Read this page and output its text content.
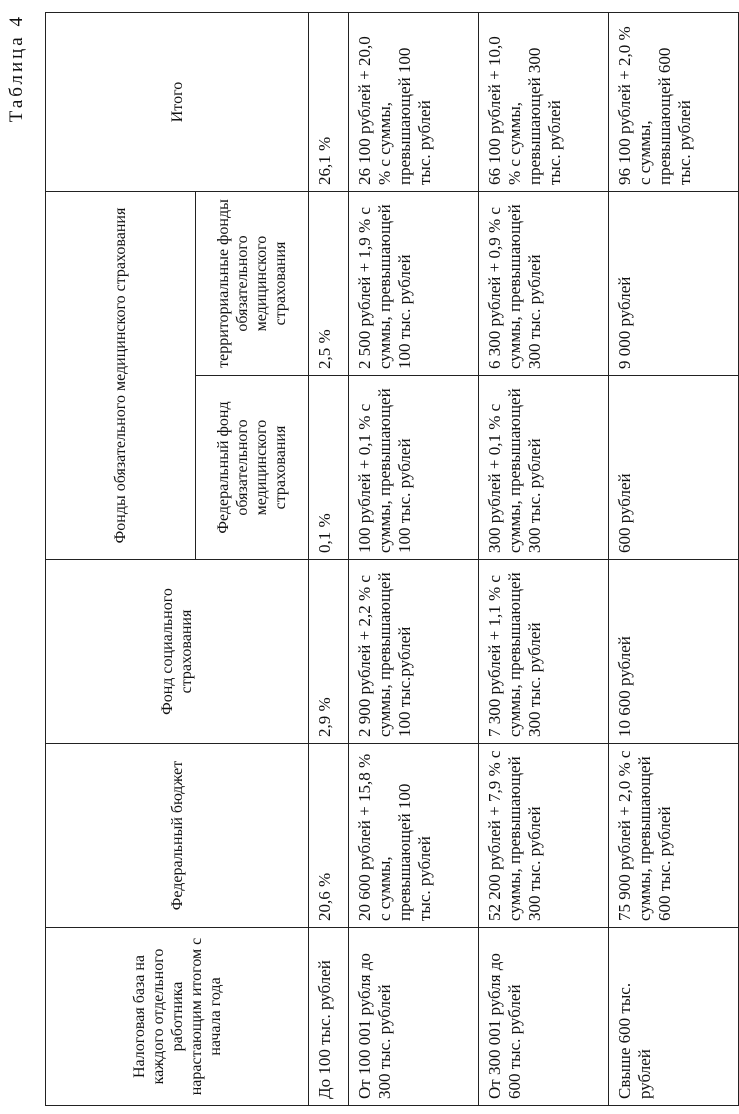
Таблица 4
Налоговая база на каждого отдельного работника нарастающим итогом с начала года	Федеральный бюджет	Фонд социального страхования	Фонды обязательного медицинского страхования		Итого
			Федеральный фонд обязательного медицинского страхования	территориальные фонды обязательного медицинского страхования	
До 100 тыс. рублей	20,6 %	2,9 %	0,1 %	2,5 %	26,1 %
От 100 001 рубля до 300 тыс. рублей	20 600 рублей + 15,8 % с суммы, превышающей 100 тыс. рублей	2 900 рублей + 2,2 % с суммы, превышающей 100 тыс.рублей	100 рублей + 0,1 % с суммы, превышающей 100 тыс. рублей	2 500 рублей + 1,9 % с суммы, превышающей 100 тыс. рублей	26 100 рублей + 20,0 % с суммы, превышающей 100 тыс. рублей
От 300 001 рубля до 600 тыс. рублей	52 200 рублей + 7,9 % с суммы, превышающей 300 тыс. рублей	7 300 рублей + 1,1 % с суммы, превышающей 300 тыс. рублей	300 рублей + 0,1 % с суммы, превышающей 300 тыс. рублей	6 300 рублей + 0,9 % с суммы, превышающей 300 тыс. рублей	66 100 рублей + 10,0 % с суммы, превышающей 300 тыс. рублей
Свыше 600 тыс. рублей	75 900 рублей + 2,0 % с суммы, превышающей 600 тыс. рублей	10 600 рублей	600 рублей	9 000 рублей	96 100 рублей + 2,0 % с суммы, превышающей 600 тыс. рублей
